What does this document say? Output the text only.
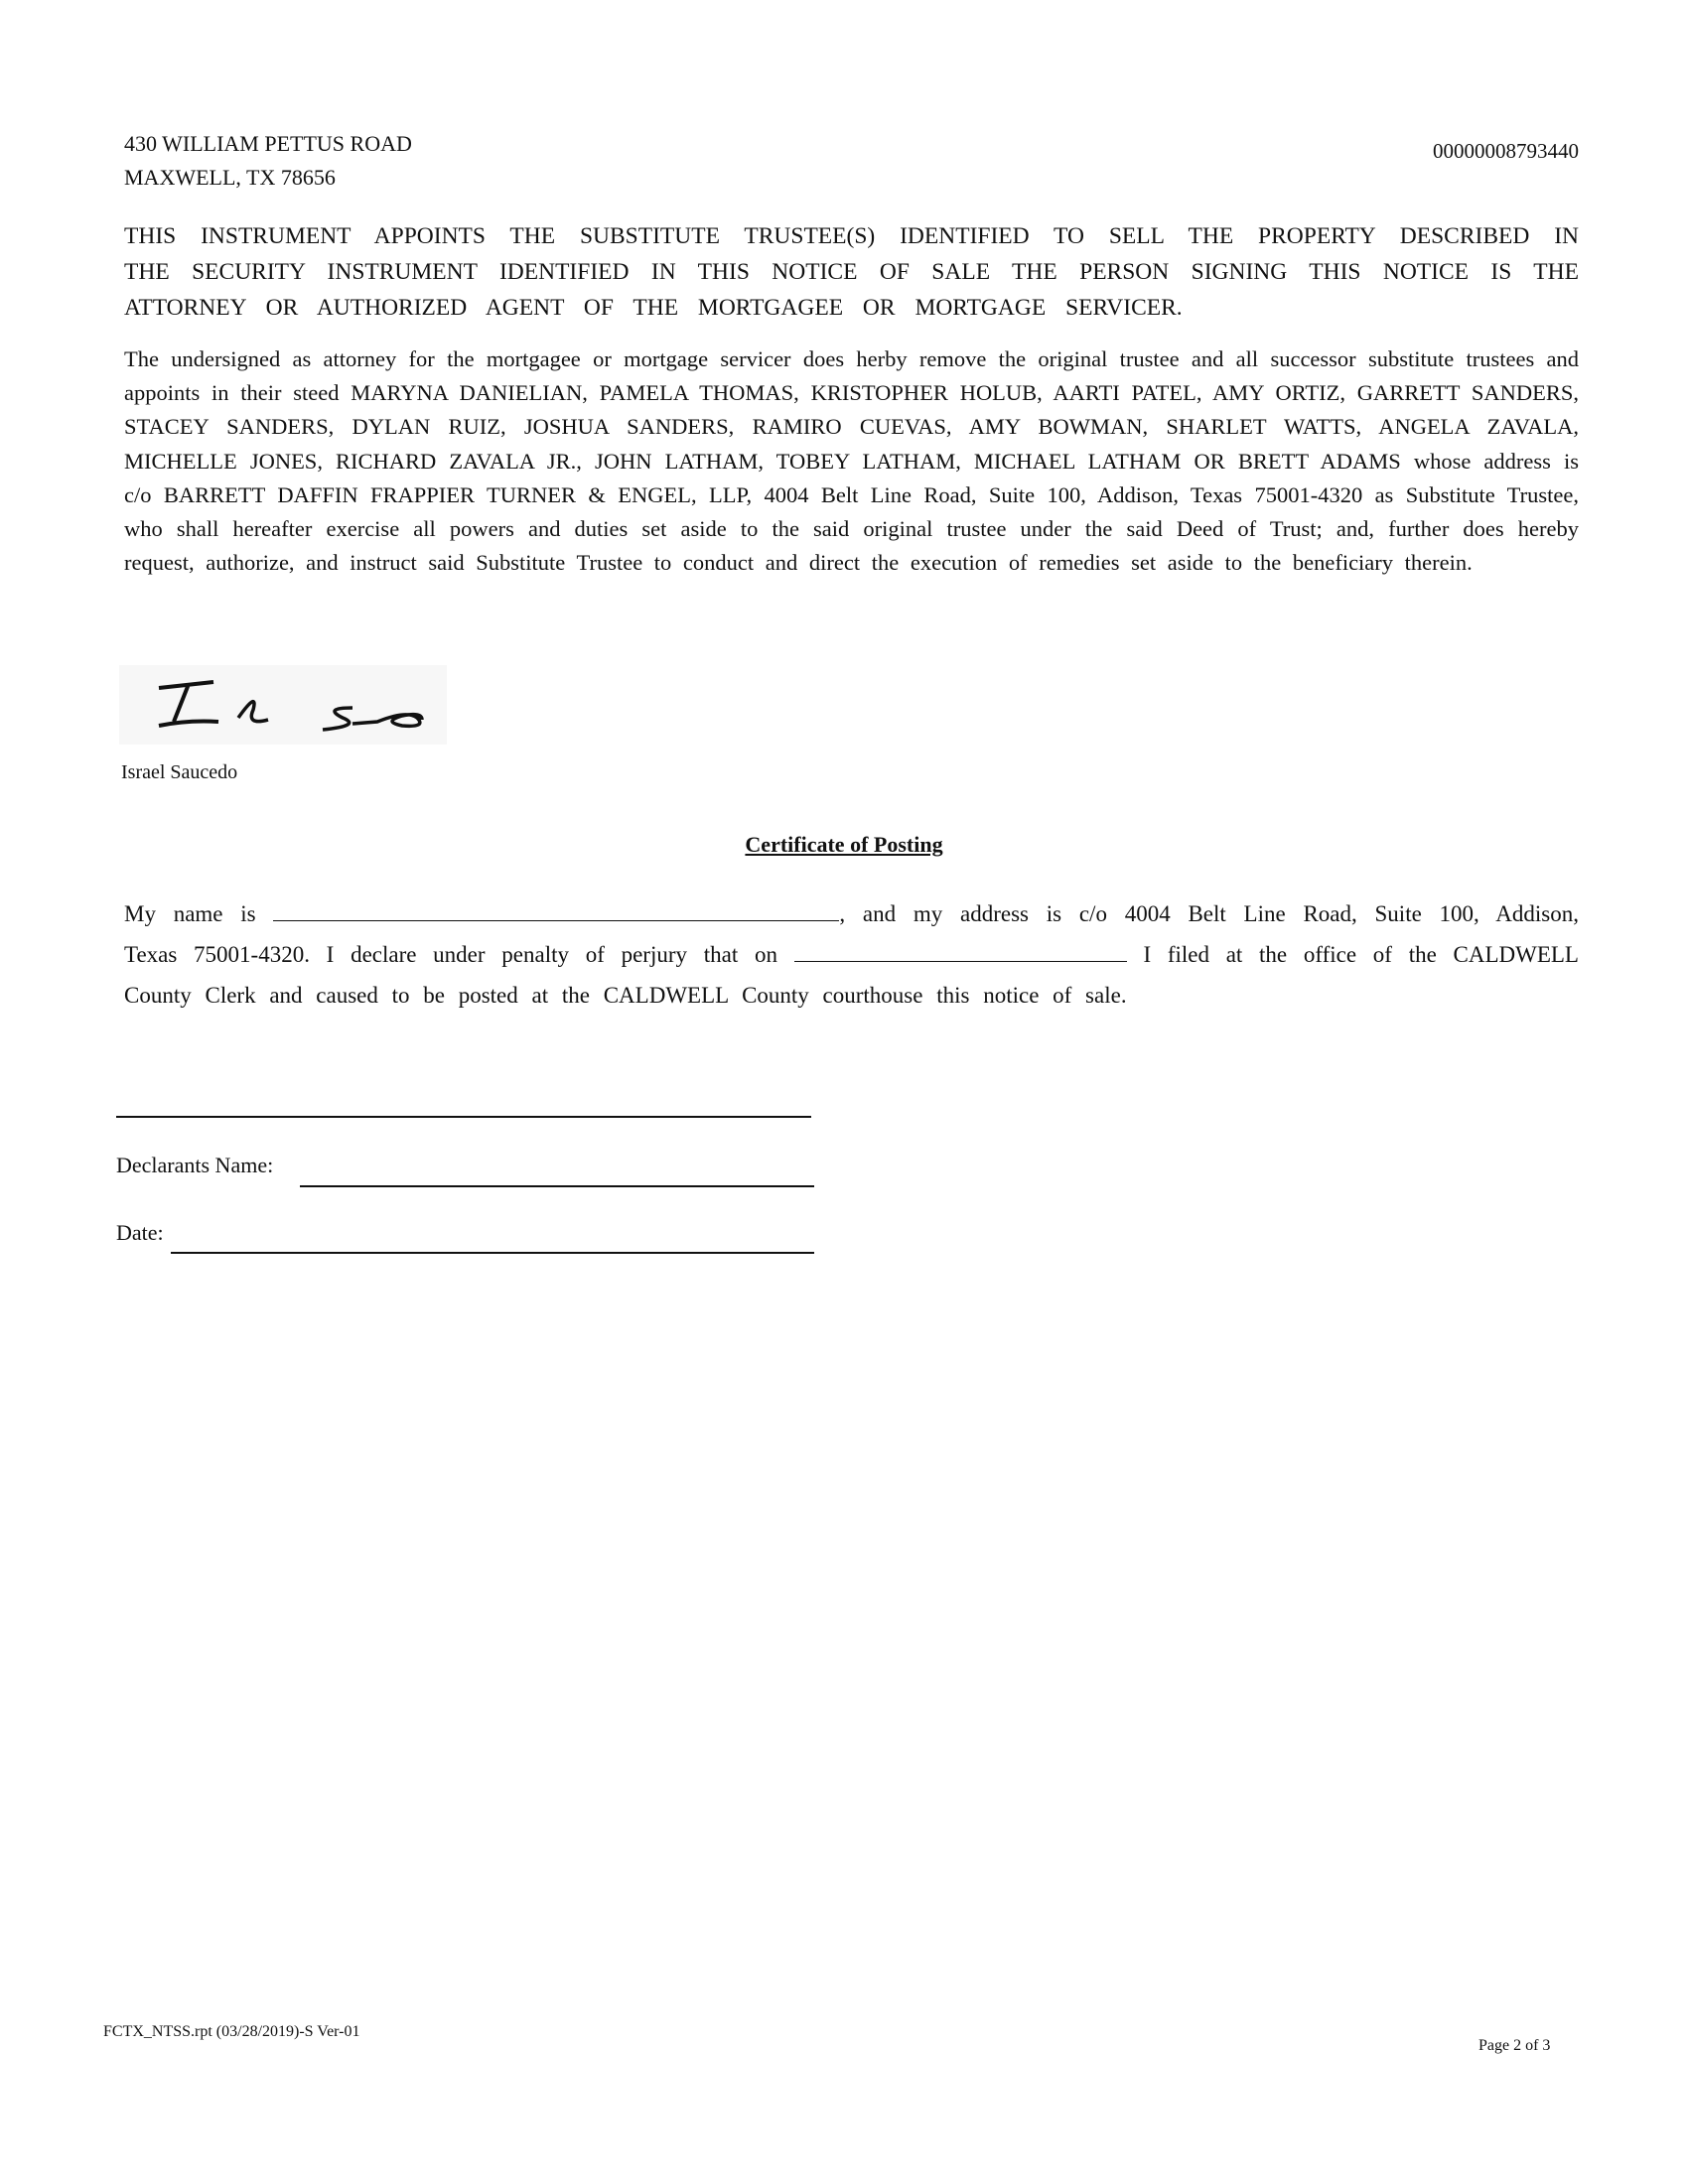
430 WILLIAM PETTUS ROAD
MAXWELL, TX 78656
00000008793440
THIS INSTRUMENT APPOINTS THE SUBSTITUTE TRUSTEE(S) IDENTIFIED TO SELL THE PROPERTY DESCRIBED IN THE SECURITY INSTRUMENT IDENTIFIED IN THIS NOTICE OF SALE THE PERSON SIGNING THIS NOTICE IS THE ATTORNEY OR AUTHORIZED AGENT OF THE MORTGAGEE OR MORTGAGE SERVICER.
The undersigned as attorney for the mortgagee or mortgage servicer does herby remove the original trustee and all successor substitute trustees and appoints in their steed MARYNA DANIELIAN, PAMELA THOMAS, KRISTOPHER HOLUB, AARTI PATEL, AMY ORTIZ, GARRETT SANDERS, STACEY SANDERS, DYLAN RUIZ, JOSHUA SANDERS, RAMIRO CUEVAS, AMY BOWMAN, SHARLET WATTS, ANGELA ZAVALA, MICHELLE JONES, RICHARD ZAVALA JR., JOHN LATHAM, TOBEY LATHAM, MICHAEL LATHAM OR BRETT ADAMS whose address is c/o BARRETT DAFFIN FRAPPIER TURNER & ENGEL, LLP, 4004 Belt Line Road, Suite 100, Addison, Texas 75001-4320 as Substitute Trustee, who shall hereafter exercise all powers and duties set aside to the said original trustee under the said Deed of Trust; and, further does hereby request, authorize, and instruct said Substitute Trustee to conduct and direct the execution of remedies set aside to the beneficiary therein.
Israel Saucedo
Certificate of Posting
My name is	, and my address is c/o 4004 Belt Line Road, Suite 100, Addison, Texas 75001-4320. I declare under penalty of perjury that on	I filed at the office of the CALDWELL County Clerk and caused to be posted at the CALDWELL County courthouse this notice of sale.
Declarants Name:
Date:
FCTX_NTSS.rpt (03/28/2019)-S Ver-01
Page 2 of 3
